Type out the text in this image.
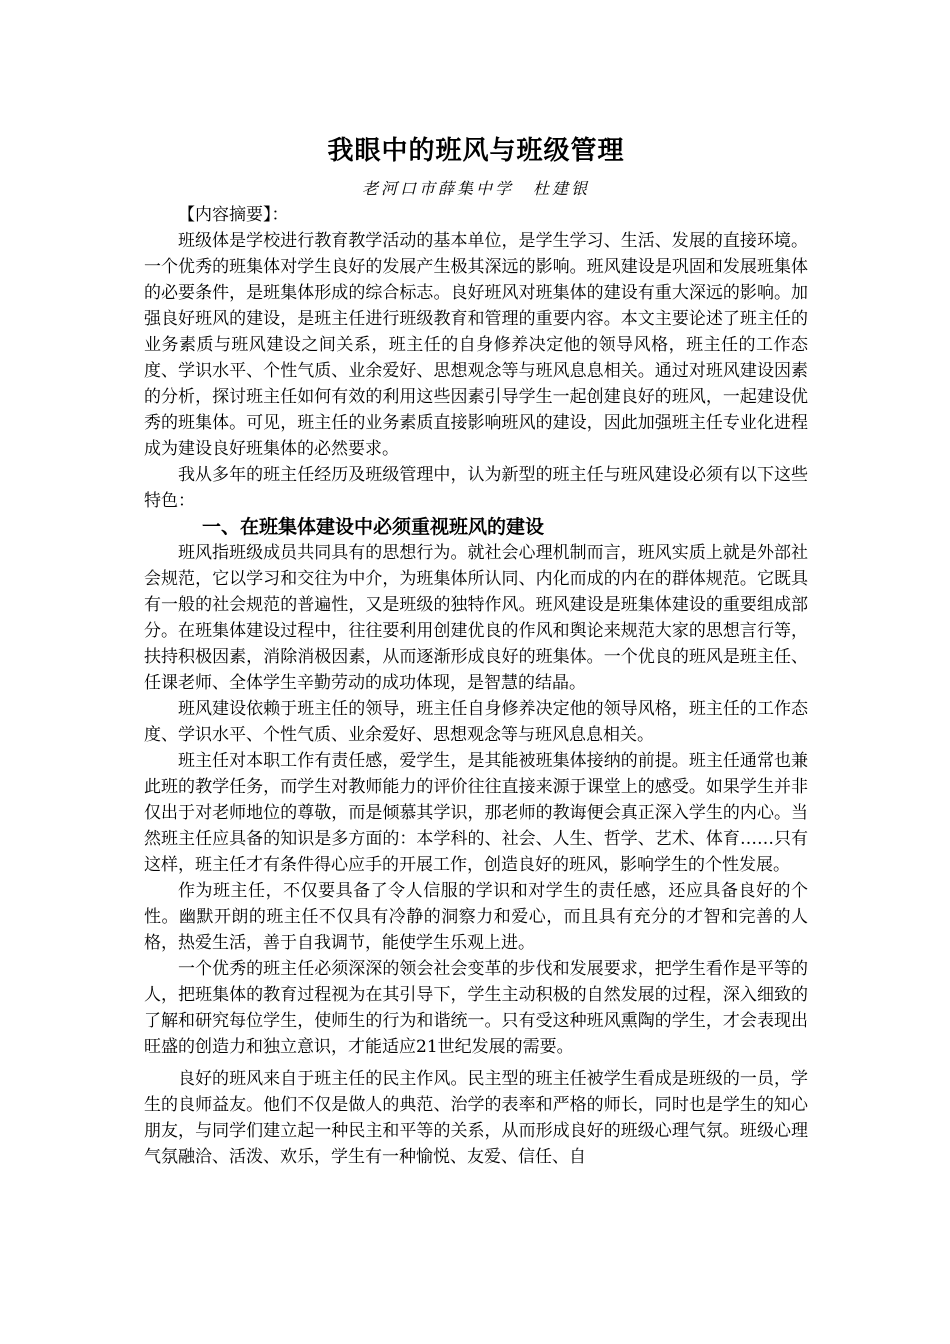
我眼中的班风与班级管理

老河口市薛集中学　杜建银

【内容摘要】：

班级体是学校进行教育教学活动的基本单位，是学生学习、生活、发展的直接环境。一个优秀的班集体对学生良好的发展产生极其深远的影响。班风建设是巩固和发展班集体的必要条件，是班集体形成的综合标志。良好班风对班集体的建设有重大深远的影响。加强良好班风的建设，是班主任进行班级教育和管理的重要内容。本文主要论述了班主任的业务素质与班风建设之间关系，班主任的自身修养决定他的领导风格，班主任的工作态度、学识水平、个性气质、业余爱好、思想观念等与班风息息相关。通过对班风建设因素的分析，探讨班主任如何有效的利用这些因素引导学生一起创建良好的班风，一起建设优秀的班集体。可见，班主任的业务素质直接影响班风的建设，因此加强班主任专业化进程成为建设良好班集体的必然要求。

我从多年的班主任经历及班级管理中，认为新型的班主任与班风建设必须有以下这些特色：

一、在班集体建设中必须重视班风的建设

班风指班级成员共同具有的思想行为。就社会心理机制而言，班风实质上就是外部社会规范，它以学习和交往为中介，为班集体所认同、内化而成的内在的群体规范。它既具有一般的社会规范的普遍性，又是班级的独特作风。班风建设是班集体建设的重要组成部分。在班集体建设过程中，往往要利用创建优良的作风和舆论来规范大家的思想言行等，扶持积极因素，消除消极因素，从而逐渐形成良好的班集体。一个优良的班风是班主任、任课老师、全体学生辛勤劳动的成功体现，是智慧的结晶。

班风建设依赖于班主任的领导，班主任自身修养决定他的领导风格，班主任的工作态度、学识水平、个性气质、业余爱好、思想观念等与班风息息相关。

班主任对本职工作有责任感，爱学生，是其能被班集体接纳的前提。班主任通常也兼此班的教学任务，而学生对教师能力的评价往往直接来源于课堂上的感受。如果学生并非仅出于对老师地位的尊敬，而是倾慕其学识，那老师的教诲便会真正深入学生的内心。当然班主任应具备的知识是多方面的：本学科的、社会、人生、哲学、艺术、体育……只有这样，班主任才有条件得心应手的开展工作，创造良好的班风，影响学生的个性发展。

作为班主任，不仅要具备了令人信服的学识和对学生的责任感，还应具备良好的个性。幽默开朗的班主任不仅具有冷静的洞察力和爱心，而且具有充分的才智和完善的人格，热爱生活，善于自我调节，能使学生乐观上进。

一个优秀的班主任必须深深的领会社会变革的步伐和发展要求，把学生看作是平等的人，把班集体的教育过程视为在其引导下，学生主动积极的自然发展的过程，深入细致的了解和研究每位学生，使师生的行为和谐统一。只有受这种班风熏陶的学生，才会表现出旺盛的创造力和独立意识，才能适应21世纪发展的需要。

良好的班风来自于班主任的民主作风。民主型的班主任被学生看成是班级的一员，学生的良师益友。他们不仅是做人的典范、治学的表率和严格的师长，同时也是学生的知心朋友，与同学们建立起一种民主和平等的关系，从而形成良好的班级心理气氛。班级心理气氛融洽、活泼、欢乐，学生有一种愉悦、友爱、信任、自
